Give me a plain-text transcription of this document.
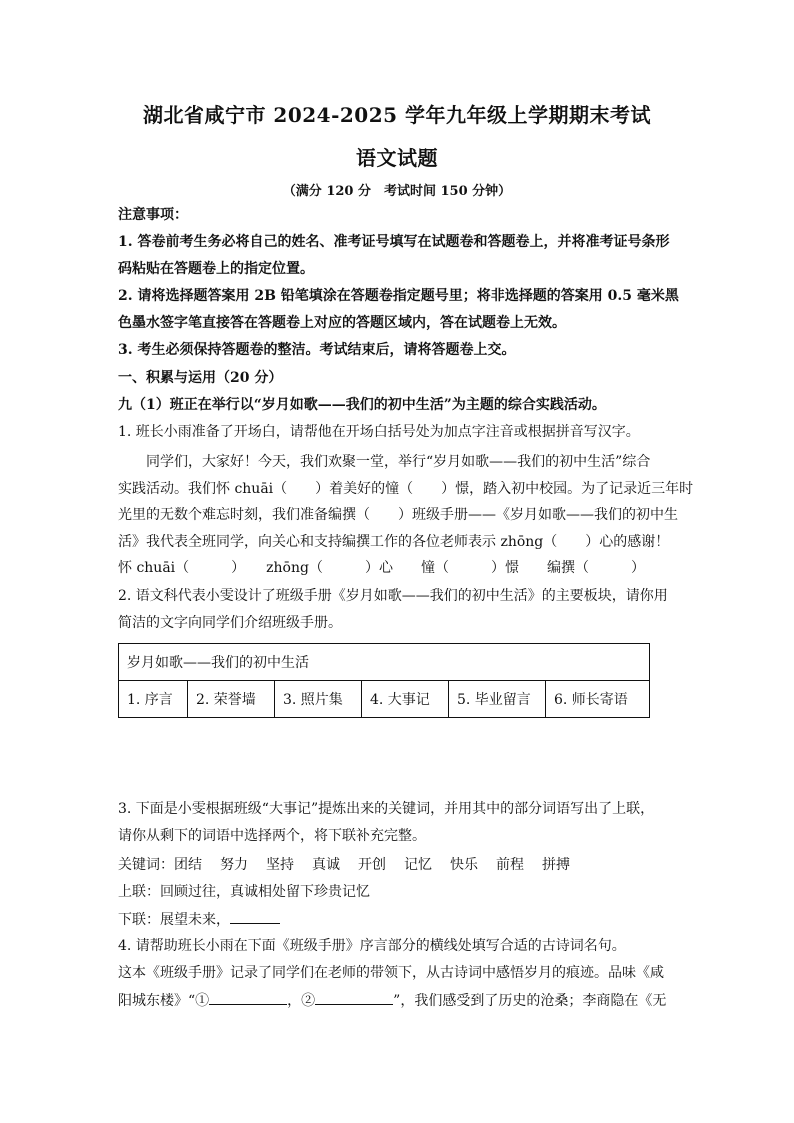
湖北省咸宁市 2024-2025 学年九年级上学期期末考试
语文试题
（满分 120 分　考试时间 150 分钟）
注意事项：
1. 答卷前考生务必将自己的姓名、准考证号填写在试题卷和答题卷上，并将准考证号条形
码粘贴在答题卷上的指定位置。
2. 请将选择题答案用 2B 铅笔填涂在答题卷指定题号里；将非选择题的答案用 0.5 毫米黑
色墨水签字笔直接答在答题卷上对应的答题区域内，答在试题卷上无效。
3. 考生必须保持答题卷的整洁。考试结束后，请将答题卷上交。
一、积累与运用（20 分）
九（1）班正在举行以“岁月如歌——我们的初中生活”为主题的综合实践活动。
1. 班长小雨准备了开场白，请帮他在开场白括号处为加点字注音或根据拼音写汉字。
同学们，大家好！今天，我们欢聚一堂，举行“岁月如歌——我们的初中生活”综合
实践活动。我们怀 chuāi（　　）着美好的憧（　　）憬，踏入初中校园。为了记录近三年时
光里的无数个难忘时刻，我们准备编撰（　　）班级手册——《岁月如歌——我们的初中生
活》我代表全班同学，向关心和支持编撰工作的各位老师表示 zhōng（　　）心的感谢！
怀 chuāi（　　　）　　zhōng（　　　）心　　憧（　　　）憬　　编撰（　　　）
2. 语文科代表小雯设计了班级手册《岁月如歌——我们的初中生活》的主要板块，请你用
简洁的文字向同学们介绍班级手册。
岁月如歌——我们的初中生活
1. 序言	2. 荣誉墙	3. 照片集	4. 大事记	5. 毕业留言	6. 师长寄语
3. 下面是小雯根据班级“大事记”提炼出来的关键词，并用其中的部分词语写出了上联，
请你从剩下的词语中选择两个，将下联补充完整。
关键词：团结 努力 坚持 真诚 开创 记忆 快乐 前程 拼搏
上联：回顾过往，真诚相处留下珍贵记忆
下联：展望未来，
4. 请帮助班长小雨在下面《班级手册》序言部分的横线处填写合适的古诗词名句。
这本《班级手册》记录了同学们在老师的带领下，从古诗词中感悟岁月的痕迹。品味《咸
阳城东楼》“①	，②	”，我们感受到了历史的沧桑；李商隐在《无
